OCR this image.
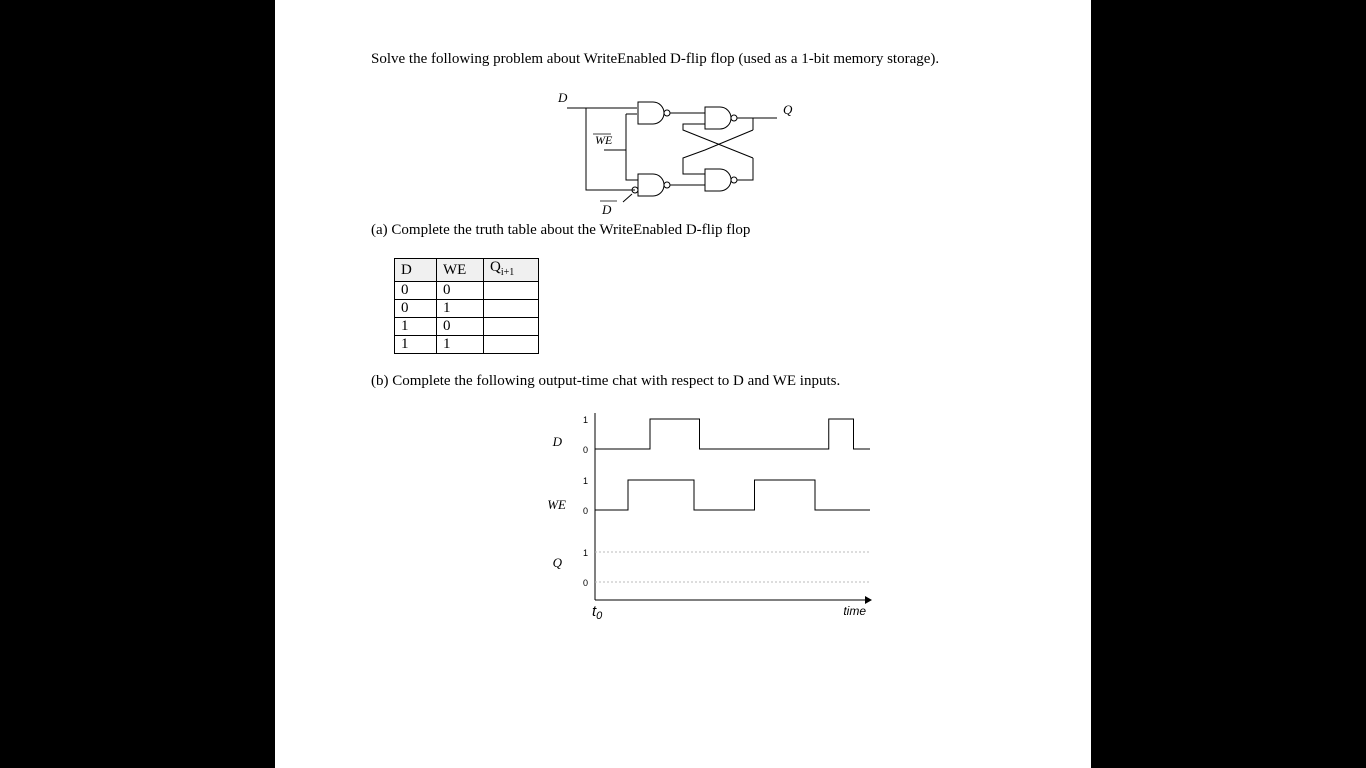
Solve the following problem about WriteEnabled D-flip flop (used as a 1-bit memory storage).
D
Q
WE
D
(a) Complete the truth table about the WriteEnabled D-flip flop
D	WE	$Q_{i+1}$
0	0	
0	1	
1	0	
1	1	
(b) Complete the following output-time chat with respect to D and WE inputs.
1
0
D
1
0
WE
1
0
Q
$t_0$	time
